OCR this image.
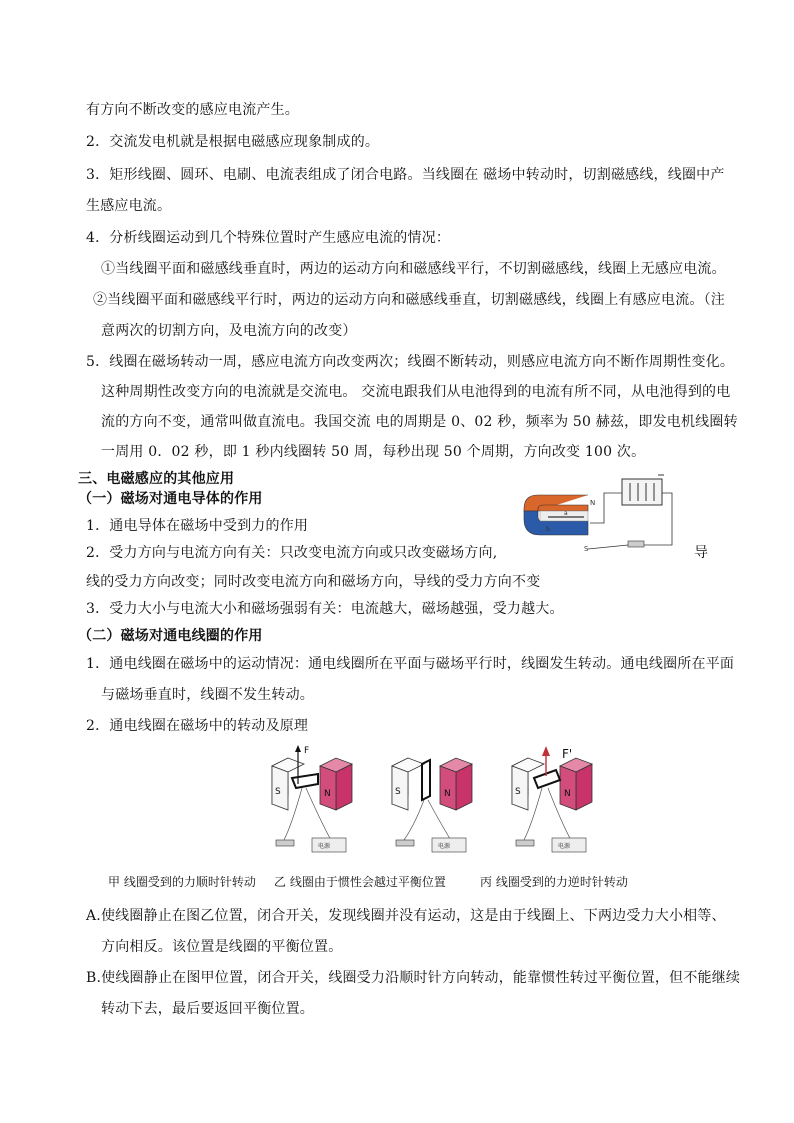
有方向不断改变的感应电流产生。
2．交流发电机就是根据电磁感应现象制成的。
3．矩形线圈、圆环、电刷、电流表组成了闭合电路。当线圈在 磁场中转动时，切割磁感线，线圈中产
生感应电流。
4．分析线圈运动到几个特殊位置时产生感应电流的情况：
①当线圈平面和磁感线垂直时，两边的运动方向和磁感线平行，不切割磁感线，线圈上无感应电流。
②当线圈平面和磁感线平行时，两边的运动方向和磁感线垂直，切割磁感线，线圈上有感应电流。（注
意两次的切割方向，及电流方向的改变）
5．线圈在磁场转动一周，感应电流方向改变两次；线圈不断转动，则感应电流方向不断作周期性变化。
这种周期性改变方向的电流就是交流电。 交流电跟我们从电池得到的电流有所不同，从电池得到的电
流的方向不变，通常叫做直流电。我国交流 电的周期是 0、02 秒，频率为 50 赫兹，即发电机线圈转
一周用 0．02 秒，即 1 秒内线圈转 50 周，每秒出现 50 个周期，方向改变 100 次。
三、电磁感应的其他应用
（一）磁场对通电导体的作用
1．通电导体在磁场中受到力的作用
2．受力方向与电流方向有关：只改变电流方向或只改变磁场方向,	导
线的受力方向改变；同时改变电流方向和磁场方向，导线的受力方向不变
3．受力大小与电流大小和磁场强弱有关：电流越大，磁场越强，受力越大。
（二）磁场对通电线圈的作用
1．通电线圈在磁场中的运动情况：通电线圈所在平面与磁场平行时，线圈发生转动。通电线圈所在平面
与磁场垂直时，线圈不发生转动。
2．通电线圈在磁场中的转动及原理
N
S
a
b
S	N
F
电源
S	N
电源
S	N
F'
电源
甲 线圈受到的力顺时针转动 乙 线圈由于惯性会越过平衡位置	丙 线圈受到的力逆时针转动
A.使线圈静止在图乙位置，闭合开关，发现线圈并没有运动，这是由于线圈上、下两边受力大小相等、
方向相反。该位置是线圈的平衡位置。
B.使线圈静止在图甲位置，闭合开关，线圈受力沿顺时针方向转动，能靠惯性转过平衡位置，但不能继续
转动下去，最后要返回平衡位置。
